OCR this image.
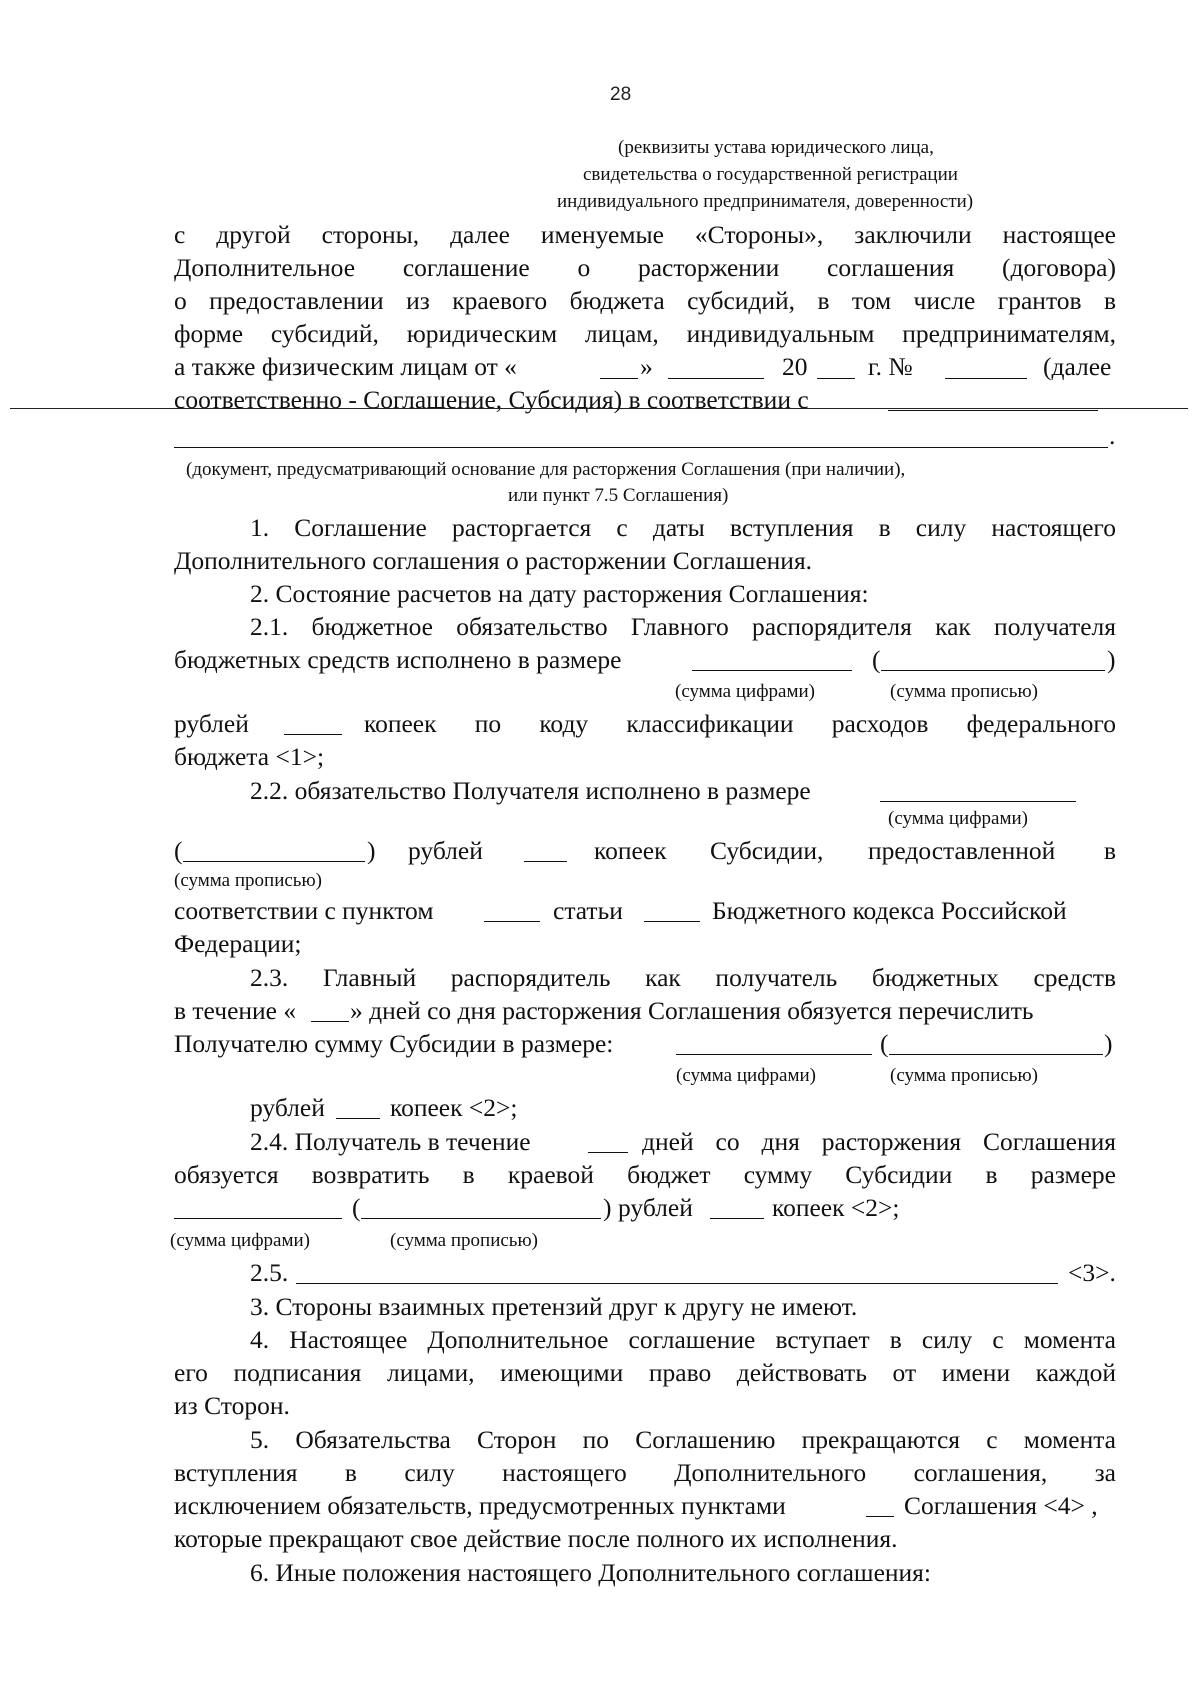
28
(реквизиты устава юридического лица,
свидетельства о государственной регистрации
индивидуального предпринимателя, доверенности)
с другой стороны, далее именуемые «Стороны», заключили настоящее
Дополнительное соглашение о расторжении соглашения (договора)
о предоставлении из краевого бюджета субсидий, в том числе грантов в
форме субсидий, юридическим лицам, индивидуальным предпринимателям,
а также физическим лицам от «	»	20 г. №	(далее
соответственно - Соглашение, Субсидия) в соответствии с
.
(документ, предусматривающий основание для расторжения Соглашения (при наличии),
или пункт 7.5 Соглашения)
1. Соглашение расторгается с даты вступления в силу настоящего
Дополнительного соглашения о расторжении Соглашения.
2. Состояние расчетов на дату расторжения Соглашения:
2.1. бюджетное обязательство Главного распорядителя как получателя
бюджетных средств исполнено в размере	(	)
(сумма цифрами)	(сумма прописью)
рублей	копеек по коду классификации расходов федерального
бюджета <1>;
2.2. обязательство Получателя исполнено в размере
(сумма цифрами)
(	) рублей	копеек Субсидии, предоставленной в
(сумма прописью)
соответствии с пунктом	статьи	Бюджетного кодекса Российской
Федерации;
2.3. Главный распорядитель как получатель бюджетных средств
в течение « » дней со дня расторжения Соглашения обязуется перечислить
Получателю сумму Субсидии в размере:	(	)
(сумма цифрами)	(сумма прописью)
рублей	копеек <2>;
2.4. Получатель в течение	дней со дня расторжения Соглашения
обязуется возвратить в краевой бюджет сумму Субсидии в размере
(	) рублей	копеек <2>;
(сумма цифрами)	(сумма прописью)
2.5.	<3>.
3. Стороны взаимных претензий друг к другу не имеют.
4. Настоящее Дополнительное соглашение вступает в силу с момента
его подписания лицами, имеющими право действовать от имени каждой
из Сторон.
5. Обязательства Сторон по Соглашению прекращаются с момента
вступления в силу настоящего Дополнительного соглашения, за
исключением обязательств, предусмотренных пунктами	Соглашения <4> ,
которые прекращают свое действие после полного их исполнения.
6. Иные положения настоящего Дополнительного соглашения:
